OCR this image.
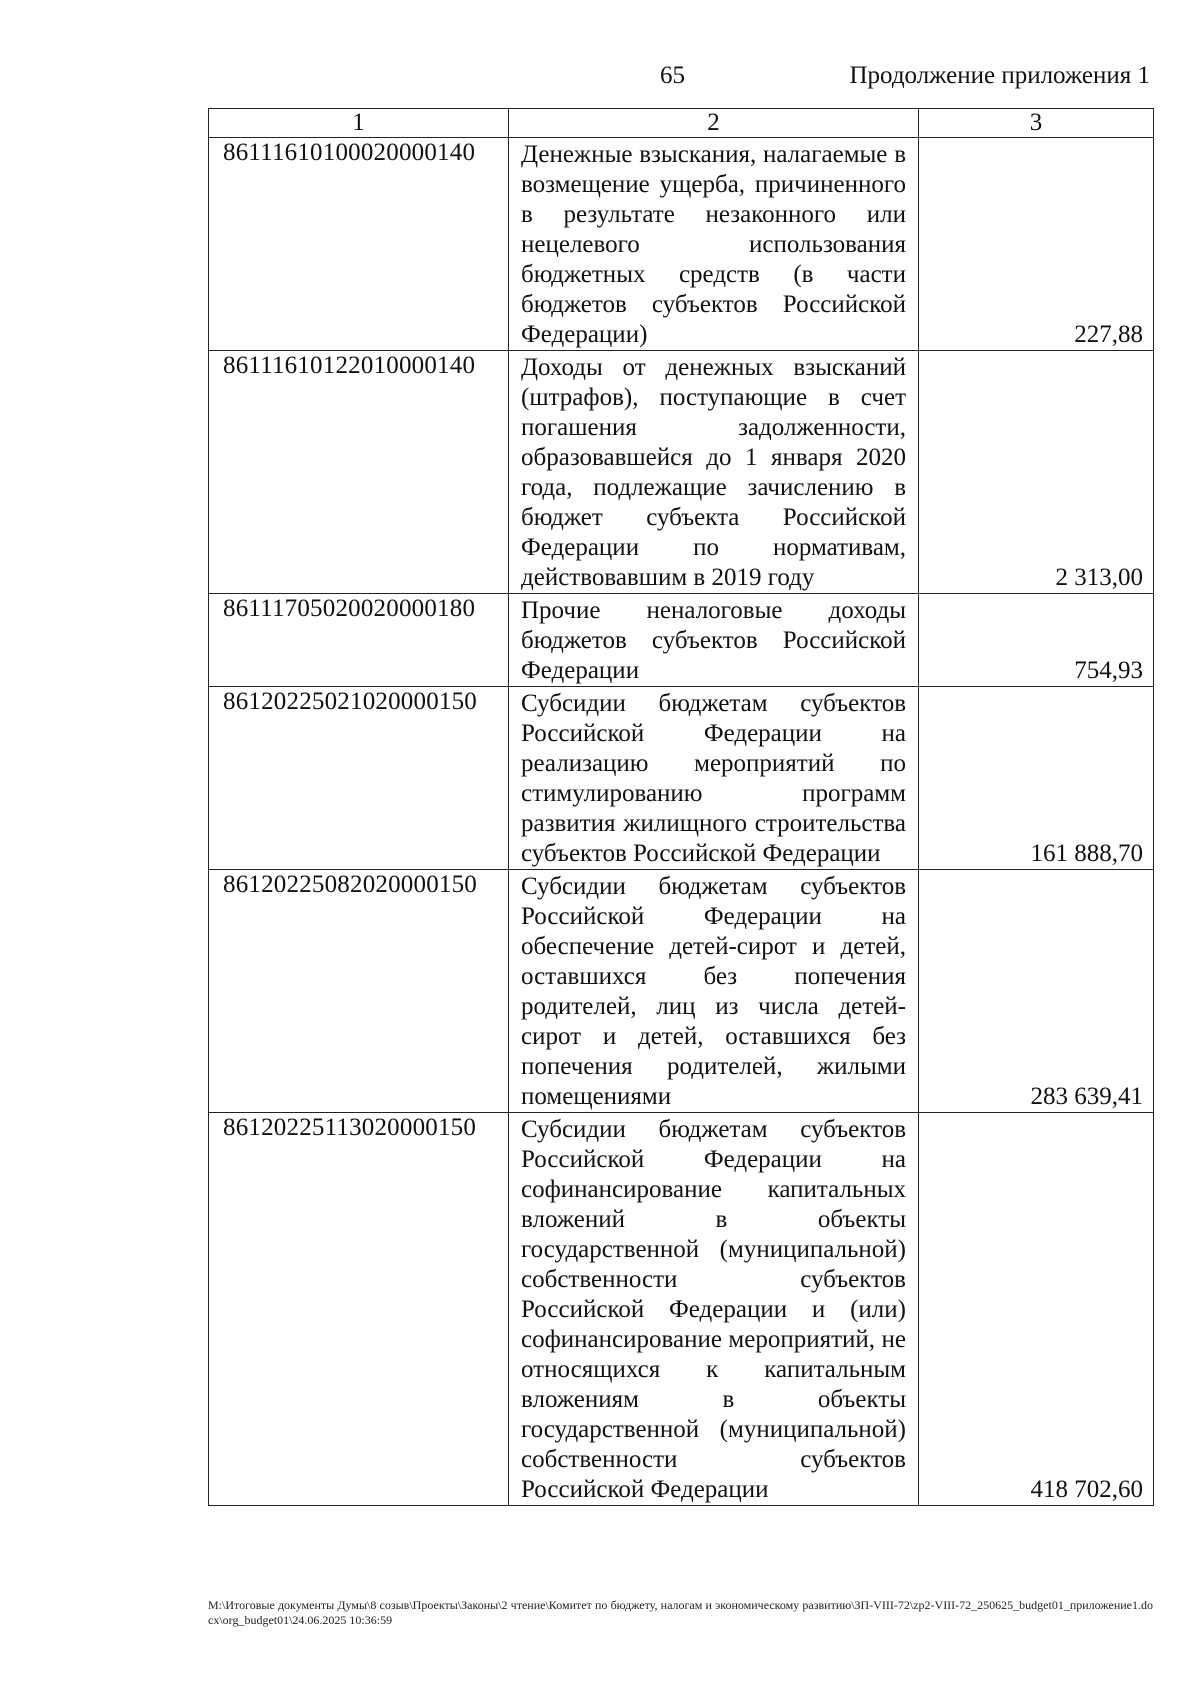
65	Продолжение приложения 1
1	2	3
86111610100020000140	Денежные взыскания, налагаемые в возмещение ущерба, причиненного в результате незаконного или нецелевого использования бюджетных средств (в части бюджетов субъектов Российской Федерации)	227,88
86111610122010000140	Доходы от денежных взысканий (штрафов), поступающие в счет погашения задолженности, образовавшейся до 1 января 2020 года, подлежащие зачислению в бюджет субъекта Российской Федерации по нормативам, действовавшим в 2019 году	2 313,00
86111705020020000180	Прочие неналоговые доходы бюджетов субъектов Российской Федерации	754,93
86120225021020000150	Субсидии бюджетам субъектов Российской Федерации на реализацию мероприятий по стимулированию программ развития жилищного строительства субъектов Российской Федерации	161 888,70
86120225082020000150	Субсидии бюджетам субъектов Российской Федерации на обеспечение детей-сирот и детей, оставшихся без попечения родителей, лиц из числа детей-сирот и детей, оставшихся без попечения родителей, жилыми помещениями	283 639,41
86120225113020000150	Субсидии бюджетам субъектов Российской Федерации на софинансирование капитальных вложений в объекты государственной (муниципальной) собственности субъектов Российской Федерации и (или) софинансирование мероприятий, не относящихся к капитальным вложениям в объекты государственной (муниципальной) собственности субъектов Российской Федерации	418 702,60
M:\Итоговые документы Думы\8 созыв\Проекты\Законы\2 чтение\Комитет по бюджету, налогам и экономическому развитию\ЗП-VIII-72\zp2-VIII-72_250625_budget01_приложение1.docx\org_budget01\24.06.2025 10:36:59
